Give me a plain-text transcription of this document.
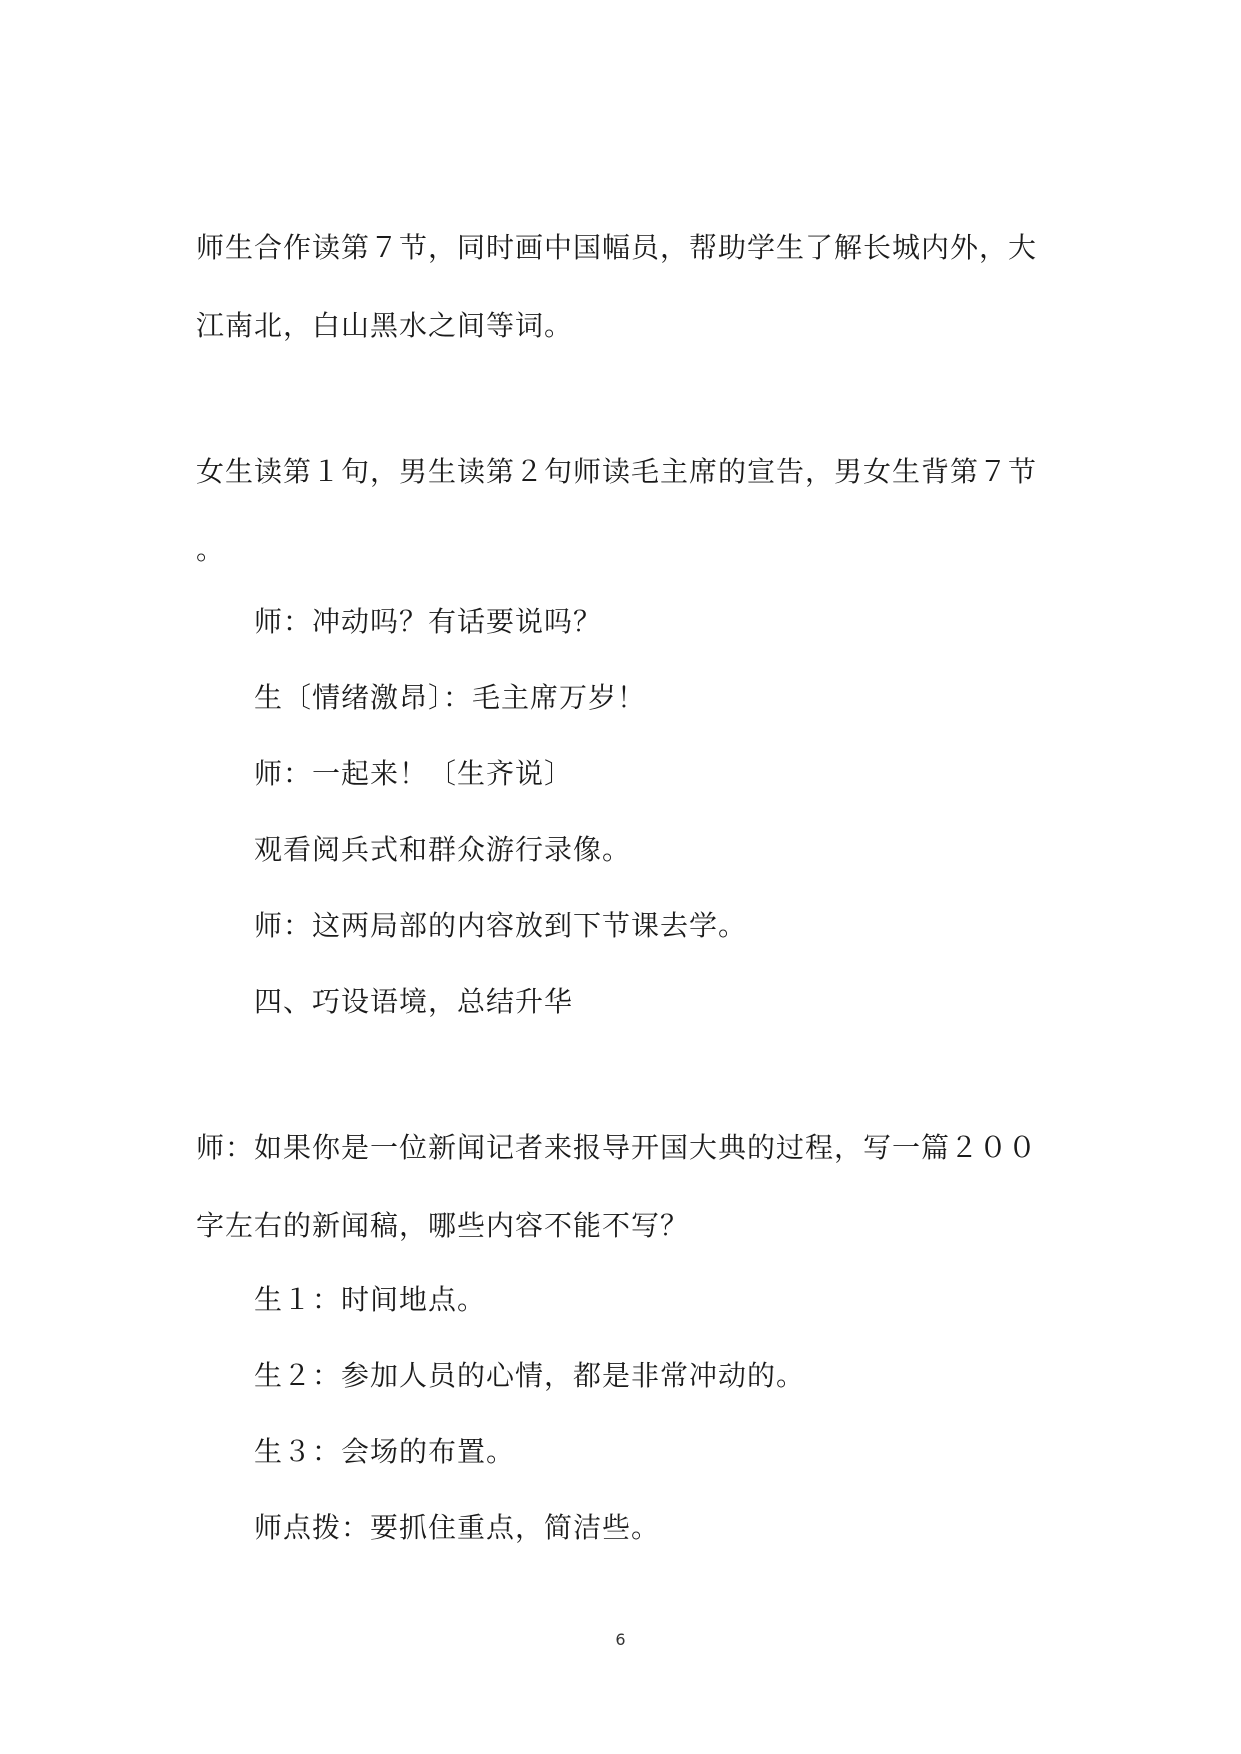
师生合作读第７节，同时画中国幅员，帮助学生了解长城内外，大
江南北，白山黑水之间等词。
女生读第１句，男生读第２句师读毛主席的宣告，男女生背第７节
。
师：冲动吗？有话要说吗？
生〔情绪激昂〕：毛主席万岁！
师：一起来！〔生齐说〕
观看阅兵式和群众游行录像。
师：这两局部的内容放到下节课去学。
四、巧设语境，总结升华
师：如果你是一位新闻记者来报导开国大典的过程，写一篇２００
字左右的新闻稿，哪些内容不能不写？
生１：时间地点。
生２：参加人员的心情，都是非常冲动的。
生３：会场的布置。
师点拨：要抓住重点，简洁些。
6
